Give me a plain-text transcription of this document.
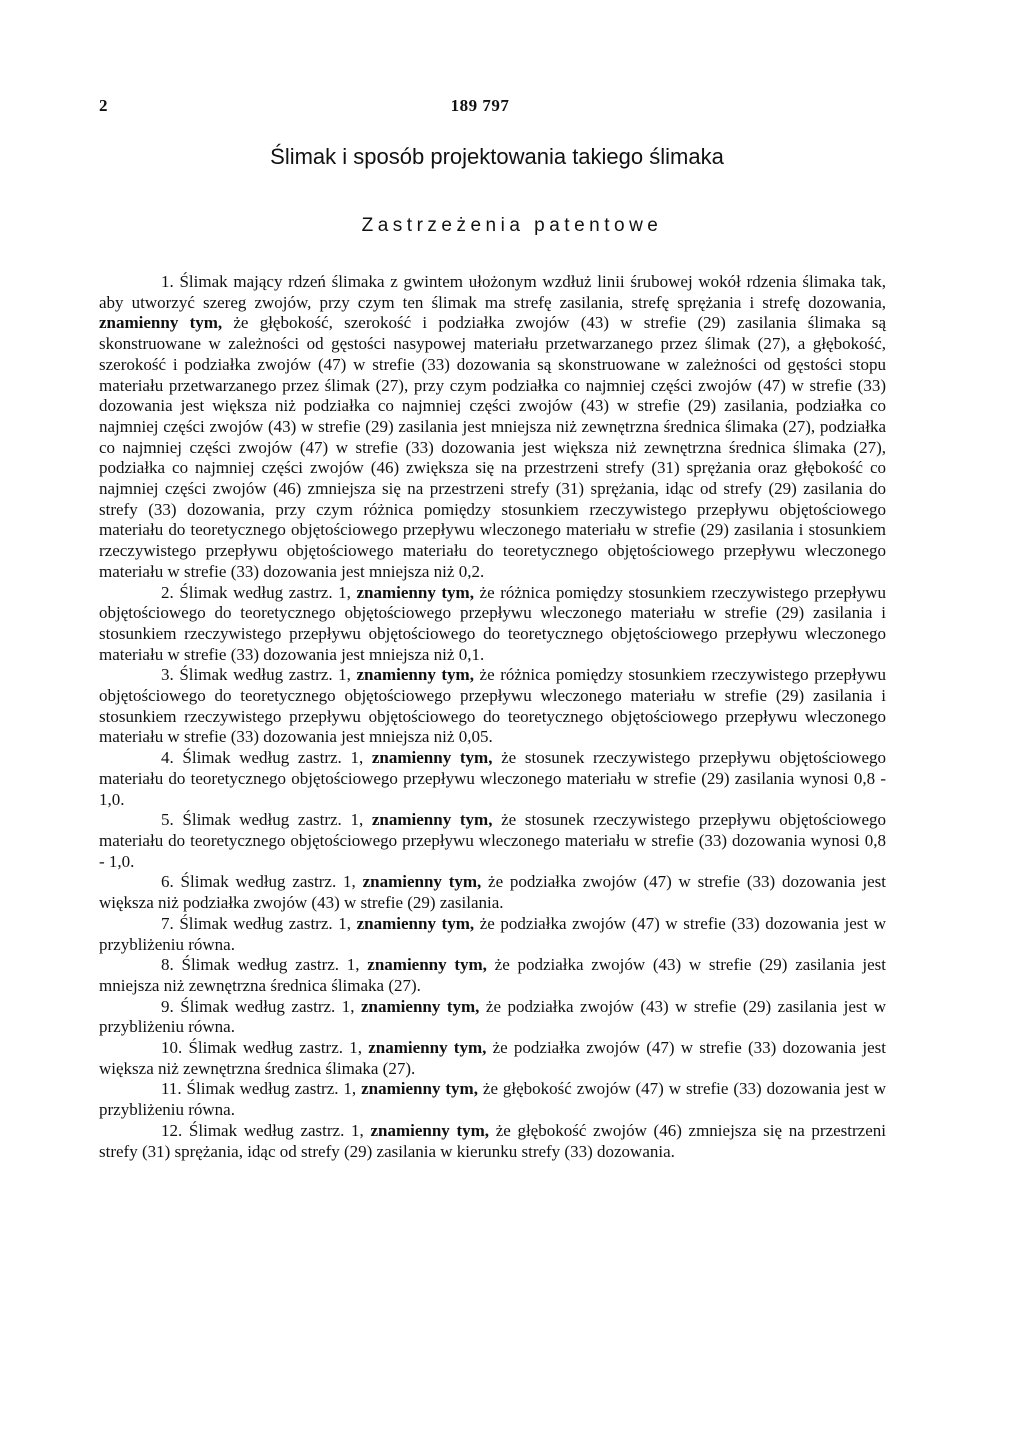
2	189 797
Ślimak i sposób projektowania takiego ślimaka
Zastrzeżenia patentowe

1. Ślimak mający rdzeń ślimaka z gwintem ułożonym wzdłuż linii śrubowej wokół rdzenia ślimaka tak, aby utworzyć szereg zwojów, przy czym ten ślimak ma strefę zasilania, strefę sprężania i strefę dozowania, znamienny tym, że głębokość, szerokość i podziałka zwojów (43) w strefie (29) zasilania ślimaka są skonstruowane w zależności od gęstości nasypowej materiału przetwarzanego przez ślimak (27), a głębokość, szerokość i podziałka zwojów (47) w strefie (33) dozowania są skonstruowane w zależności od gęstości stopu materiału przetwarzanego przez ślimak (27), przy czym podziałka co najmniej części zwojów (47) w strefie (33) dozowania jest większa niż podziałka co najmniej części zwojów (43) w strefie (29) zasilania, podziałka co najmniej części zwojów (43) w strefie (29) zasilania jest mniejsza niż zewnętrzna średnica ślimaka (27), podziałka co najmniej części zwojów (47) w strefie (33) dozowania jest większa niż zewnętrzna średnica ślimaka (27), podziałka co najmniej części zwojów (46) zwiększa się na przestrzeni strefy (31) sprężania oraz głębokość co najmniej części zwojów (46) zmniejsza się na przestrzeni strefy (31) sprężania, idąc od strefy (29) zasilania do strefy (33) dozowania, przy czym różnica pomiędzy stosunkiem rzeczywistego przepływu objętościowego materiału do teoretycznego objętościowego przepływu wleczonego materiału w strefie (29) zasilania i stosunkiem rzeczywistego przepływu objętościowego materiału do teoretycznego objętościowego przepływu wleczonego materiału w strefie (33) dozowania jest mniejsza niż 0,2.

2. Ślimak według zastrz. 1, znamienny tym, że różnica pomiędzy stosunkiem rzeczywistego przepływu objętościowego do teoretycznego objętościowego przepływu wleczonego materiału w strefie (29) zasilania i stosunkiem rzeczywistego przepływu objętościowego do teoretycznego objętościowego przepływu wleczonego materiału w strefie (33) dozowania jest mniejsza niż 0,1.

3. Ślimak według zastrz. 1, znamienny tym, że różnica pomiędzy stosunkiem rzeczywistego przepływu objętościowego do teoretycznego objętościowego przepływu wleczonego materiału w strefie (29) zasilania i stosunkiem rzeczywistego przepływu objętościowego do teoretycznego objętościowego przepływu wleczonego materiału w strefie (33) dozowania jest mniejsza niż 0,05.

4. Ślimak według zastrz. 1, znamienny tym, że stosunek rzeczywistego przepływu objętościowego materiału do teoretycznego objętościowego przepływu wleczonego materiału w strefie (29) zasilania wynosi 0,8 - 1,0.

5. Ślimak według zastrz. 1, znamienny tym, że stosunek rzeczywistego przepływu objętościowego materiału do teoretycznego objętościowego przepływu wleczonego materiału w strefie (33) dozowania wynosi 0,8 - 1,0.

6. Ślimak według zastrz. 1, znamienny tym, że podziałka zwojów (47) w strefie (33) dozowania jest większa niż podziałka zwojów (43) w strefie (29) zasilania.

7. Ślimak według zastrz. 1, znamienny tym, że podziałka zwojów (47) w strefie (33) dozowania jest w przybliżeniu równa.

8. Ślimak według zastrz. 1, znamienny tym, że podziałka zwojów (43) w strefie (29) zasilania jest mniejsza niż zewnętrzna średnica ślimaka (27).

9. Ślimak według zastrz. 1, znamienny tym, że podziałka zwojów (43) w strefie (29) zasilania jest w przybliżeniu równa.

10. Ślimak według zastrz. 1, znamienny tym, że podziałka zwojów (47) w strefie (33) dozowania jest większa niż zewnętrzna średnica ślimaka (27).

11. Ślimak według zastrz. 1, znamienny tym, że głębokość zwojów (47) w strefie (33) dozowania jest w przybliżeniu równa.

12. Ślimak według zastrz. 1, znamienny tym, że głębokość zwojów (46) zmniejsza się na przestrzeni strefy (31) sprężania, idąc od strefy (29) zasilania w kierunku strefy (33) dozowania.
